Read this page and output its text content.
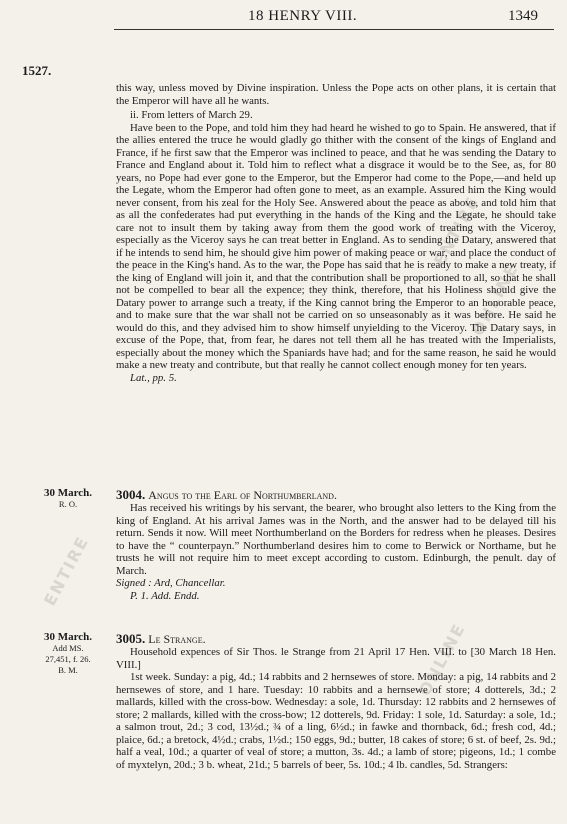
ENTIRE
ONLINE
ENTIRE
ONLINE
18 HENRY VIII.	1349
1527.

this way, unless moved by Divine inspiration. Unless the Pope acts on other plans, it is certain that the Emperor will have all he wants.

ii. From letters of March 29.

Have been to the Pope, and told him they had heard he wished to go to Spain. He answered, that if the allies entered the truce he would gladly go thither with the consent of the kings of England and France, if he first saw that the Emperor was inclined to peace, and that he was sending the Datary to France and England about it. Told him to reflect what a disgrace it would be to the See, as, for 80 years, no Pope had ever gone to the Emperor, but the Emperor had come to the Pope,—and held up the Legate, whom the Emperor had often gone to meet, as an example. Assured him the King would never consent, from his zeal for the Holy See. Answered about the peace as above, and told him that as all the confederates had put everything in the hands of the King and the Legate, he should take care not to insult them by taking away from them the good work of treating with the Viceroy, especially as the Viceroy says he can treat better in England. As to sending the Datary, answered that if he intends to send him, he should give him power of making peace or war, and place the conduct of the peace in the King's hand. As to the war, the Pope has said that he is ready to make a new treaty, if the king of England will join it, and that the contribution shall be proportioned to all, so that he shall not be compelled to bear all the expence; they think, therefore, that his Holiness should give the Datary power to arrange such a treaty, if the King cannot bring the Emperor to an honorable peace, and to make sure that the war shall not be carried on so unseasonably as it was before. He said he would do this, and they advised him to show himself unyielding to the Viceroy. The Datary says, in excuse of the Pope, that, from fear, he dares not tell them all he has treated with the Imperialists, especially about the money which the Spaniards have had; and for the same reason, he said he would make a new treaty and contribute, but that really he cannot collect enough money for ten years.

Lat., pp. 5.

30 March.
R. O.
3004. Angus to the Earl of Northumberland.

Has received his writings by his servant, the bearer, who brought also letters to the King from the king of England. At his arrival James was in the North, and the answer had to be delayed till his return. Sends it now. Will meet Northumberland on the Borders for redress when he pleases. Desires to have the “ counterpayn.” Northumberland desires him to come to Berwick or Northame, but he trusts he will not require him to meet except according to custom. Edinburgh, the penult. day of March.

Signed : Ard, Chancellar.

P. 1. Add. Endd.

30 March.
Add MS.
27,451, f. 26.
B. M.
3005. Le Strange.

Household expences of Sir Thos. le Strange from 21 April 17 Hen. VIII. to [30 March 18 Hen. VIII.]

1st week. Sunday: a pig, 4d.; 14 rabbits and 2 hernsewes of store. Monday: a pig, 14 rabbits and 2 hernsewes of store, and 1 hare. Tuesday: 10 rabbits and a hernsewe of store; 4 dotterels, 3d.; 2 mallards, killed with the cross-bow. Wednesday: a sole, 1d. Thursday: 12 rabbits and 2 hernsewes of store; 2 mallards, killed with the cross-bow; 12 dotterels, 9d. Friday: 1 sole, 1d. Saturday: a sole, 1d.; a salmon trout, 2d.; 3 cod, 13½d.; ¾ of a ling, 6½d.; in fawke and thornback, 6d.; fresh cod, 4d.; plaice, 6d.; a bretock, 4½d.; crabs, 1½d.; 150 eggs, 9d.; butter, 18 cakes of store; 6 st. of beef, 2s. 9d.; half a veal, 10d.; a quarter of veal of store; a mutton, 3s. 4d.; a lamb of store; pigeons, 1d.; 1 combe of myxtelyn, 20d.; 3 b. wheat, 21d.; 5 barrels of beer, 5s. 10d.; 4 lb. candles, 5d. Strangers:
